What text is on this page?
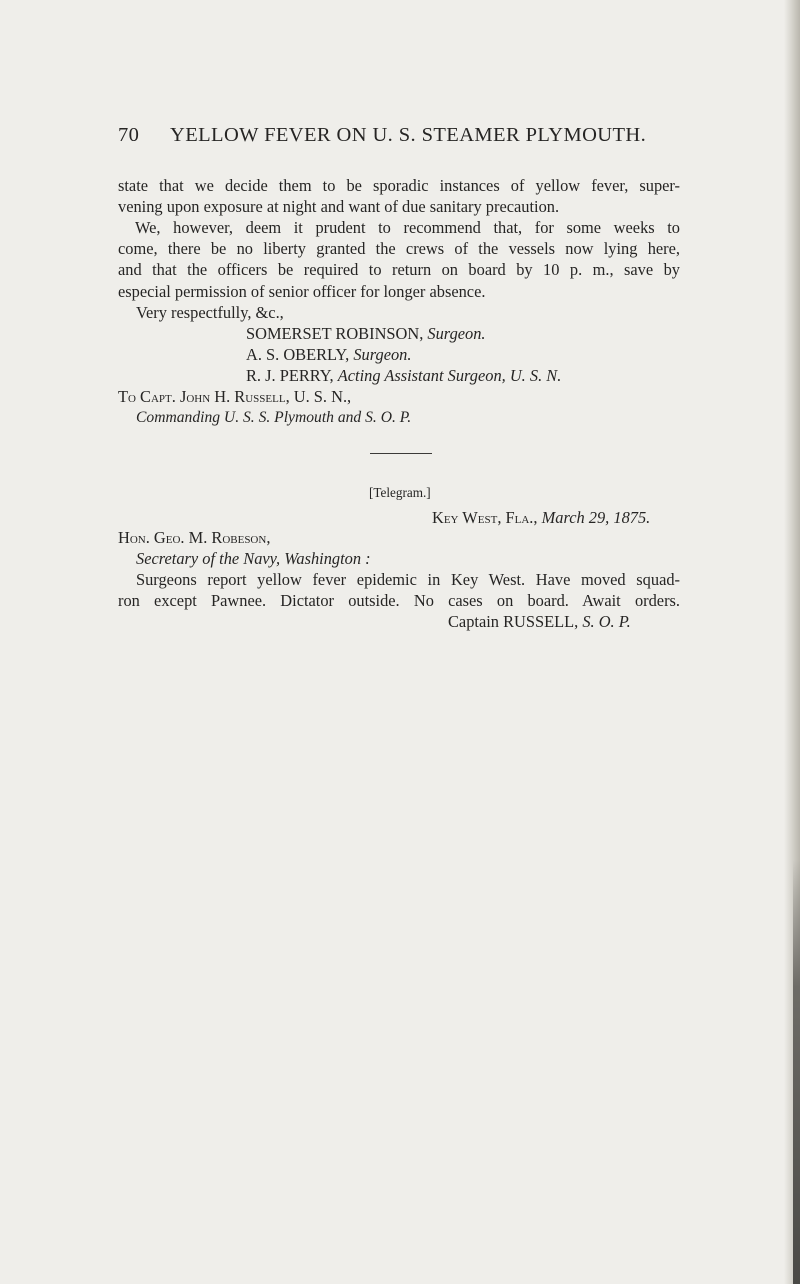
70 YELLOW FEVER ON U. S. STEAMER PLYMOUTH.
state that we decide them to be sporadic instances of yellow fever, super-
vening upon exposure at night and want of due sanitary precaution.
We, however, deem it prudent to recommend that, for some weeks to
come, there be no liberty granted the crews of the vessels now lying here,
and that the officers be required to return on board by 10 p. m., save by
especial permission of senior officer for longer absence.
Very respectfully, &c.,
SOMERSET ROBINSON, Surgeon.
A. S. OBERLY, Surgeon.
R. J. PERRY, Acting Assistant Surgeon, U. S. N.
To Capt. John H. Russell, U. S. N.,
Commanding U. S. S. Plymouth and S. O. P.
[Telegram.]
Key West, Fla., March 29, 1875.
Hon. Geo. M. Robeson,
Secretary of the Navy, Washington :
Surgeons report yellow fever epidemic in Key West. Have moved squad-
ron except Pawnee. Dictator outside. No cases on board. Await orders.
Captain RUSSELL, S. O. P.
